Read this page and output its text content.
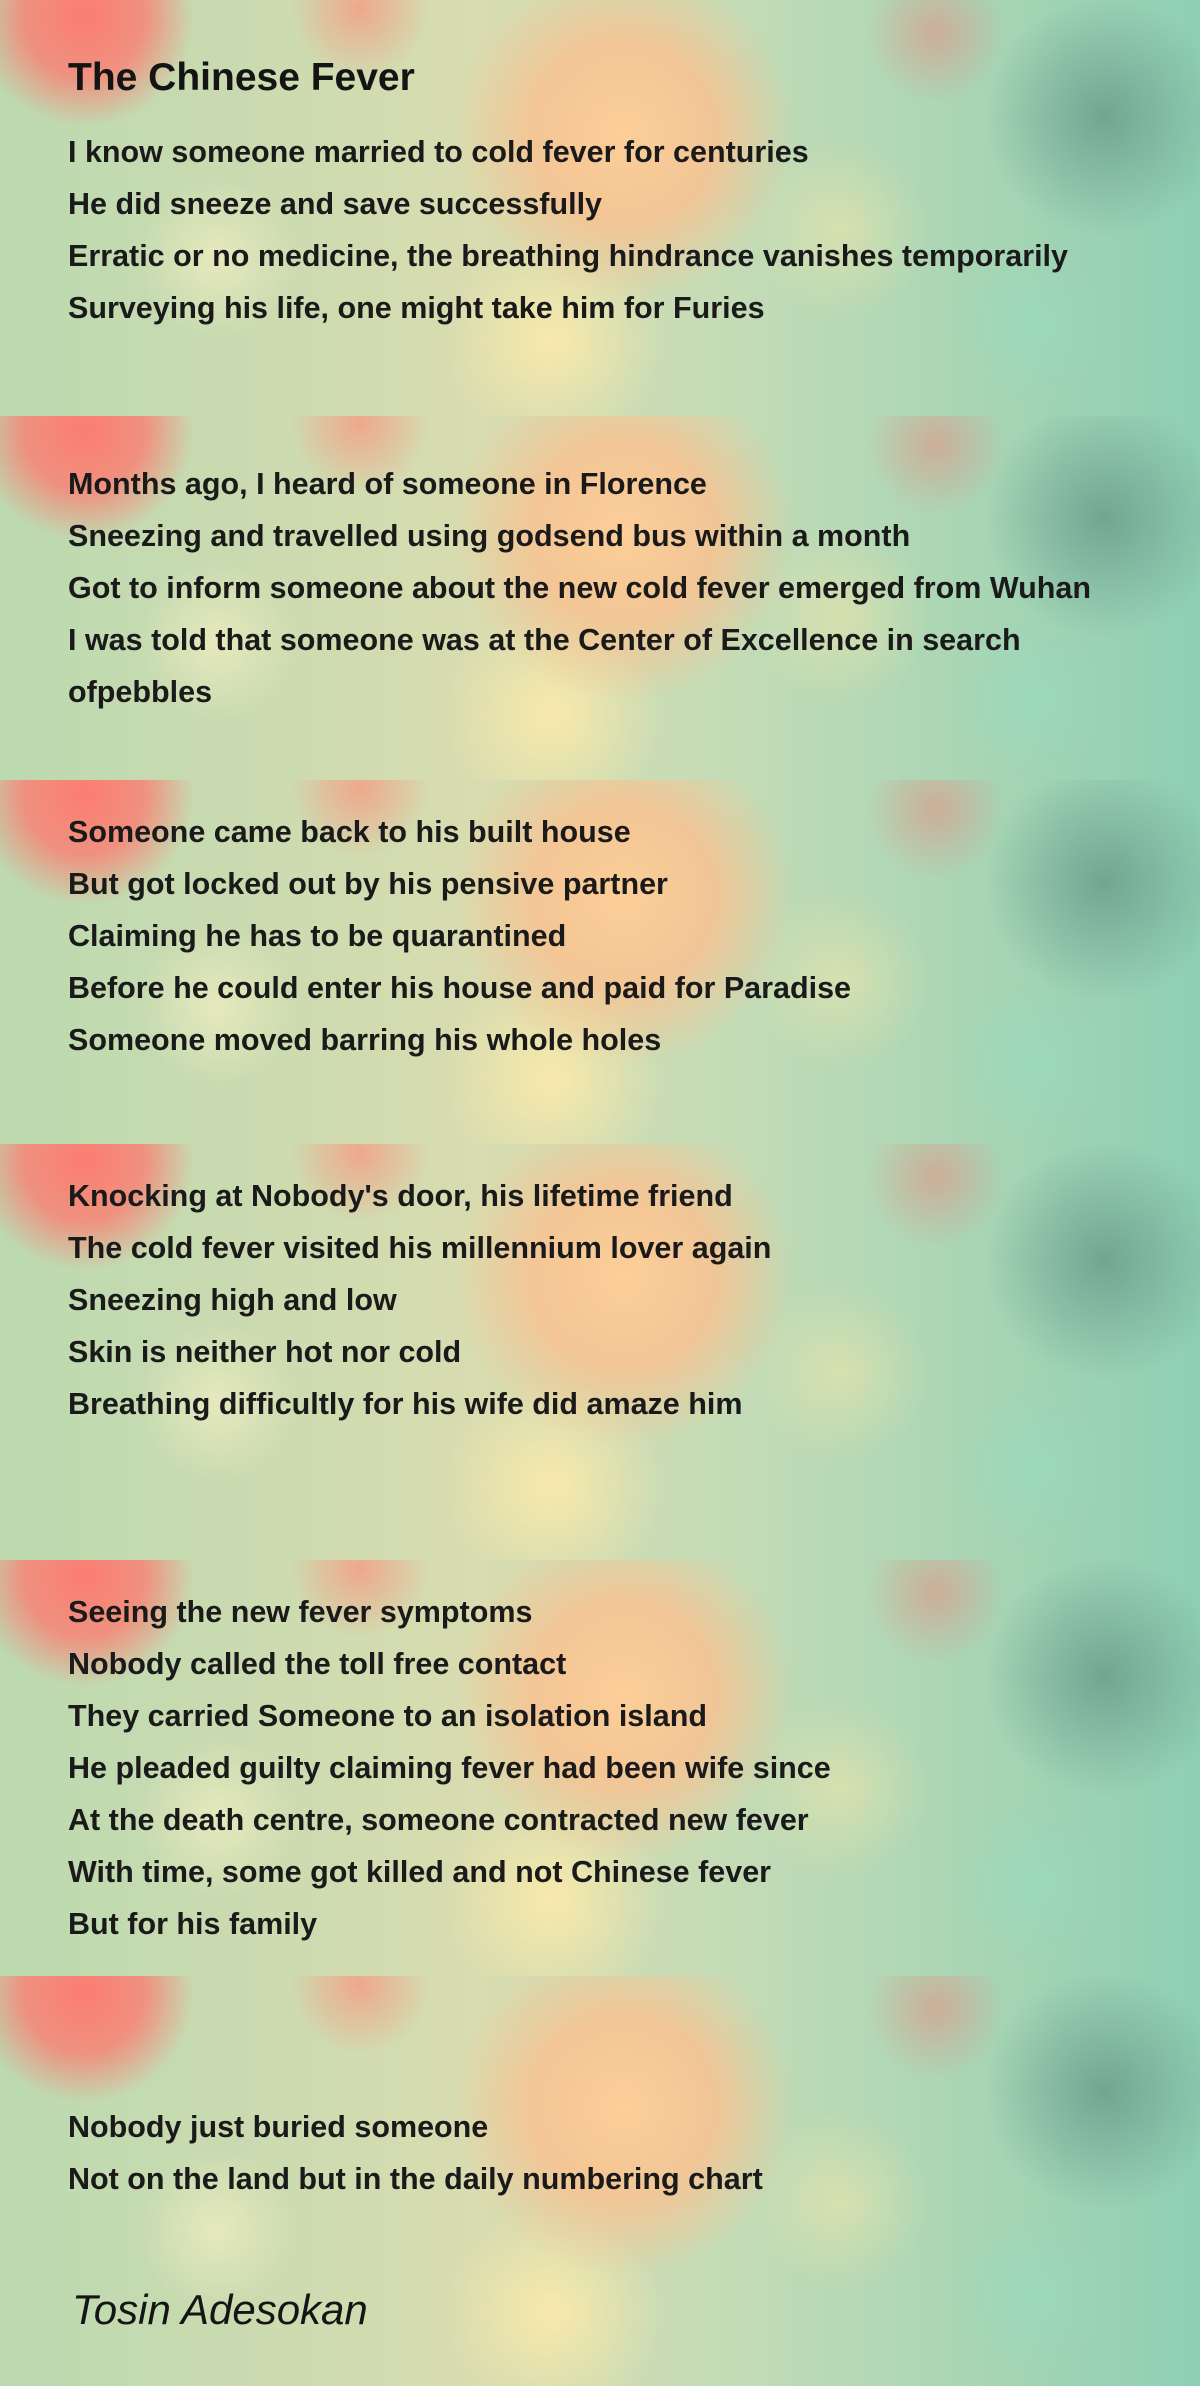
The Chinese Fever
I know someone married to cold fever for centuries
He did sneeze and save successfully
Erratic or no medicine, the breathing hindrance vanishes temporarily
Surveying his life, one might take him for Furies
Months ago, I heard of someone in Florence
Sneezing and travelled using godsend bus within a month
Got to inform someone about the new cold fever emerged from Wuhan
I was told that someone was at the Center of Excellence in search ofpebbles
Someone came back to his built house
But got locked out by his pensive partner
Claiming he has to be quarantined
Before he could enter his house and paid for Paradise
Someone moved barring his whole holes
Knocking at Nobody's door, his lifetime friend
The cold fever visited his millennium lover again
Sneezing high and low
Skin is neither hot nor cold
Breathing difficultly for his wife did amaze him
Seeing the new fever symptoms
Nobody called the toll free contact
They carried Someone to an isolation island
He pleaded guilty claiming fever had been wife since
At the death centre, someone contracted new fever
With time, some got killed and not Chinese fever
But for his family
Nobody just buried someone
Not on the land but in the daily numbering chart
Tosin Adesokan
